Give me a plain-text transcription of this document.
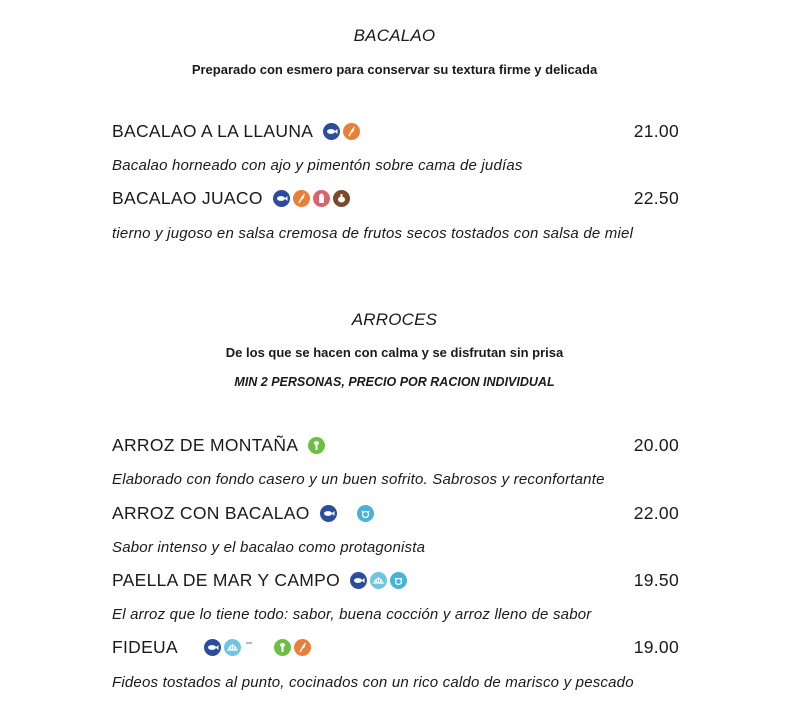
BACALAO
Preparado con esmero para conservar su textura firme y delicada
BACALAO A LA LLAUNA	21.00
Bacalao horneado con ajo y pimentón sobre cama de judías
BACALAO JUACO	22.50
tierno y jugoso en salsa cremosa de frutos secos tostados con salsa de miel
ARROCES
De los que se hacen con calma y se disfrutan sin prisa
MIN 2 PERSONAS, PRECIO POR RACION INDIVIDUAL
ARROZ DE MONTAÑA	20.00
Elaborado con fondo casero y un buen sofrito. Sabrosos y reconfortante
ARROZ CON BACALAO	22.00
Sabor intenso y el bacalao como protagonista
PAELLA DE MAR Y CAMPO	19.50
El arroz que lo tiene todo: sabor, buena cocción y arroz lleno de sabor
FIDEUA	19.00
Fideos tostados al punto, cocinados con un rico caldo de marisco y pescado
